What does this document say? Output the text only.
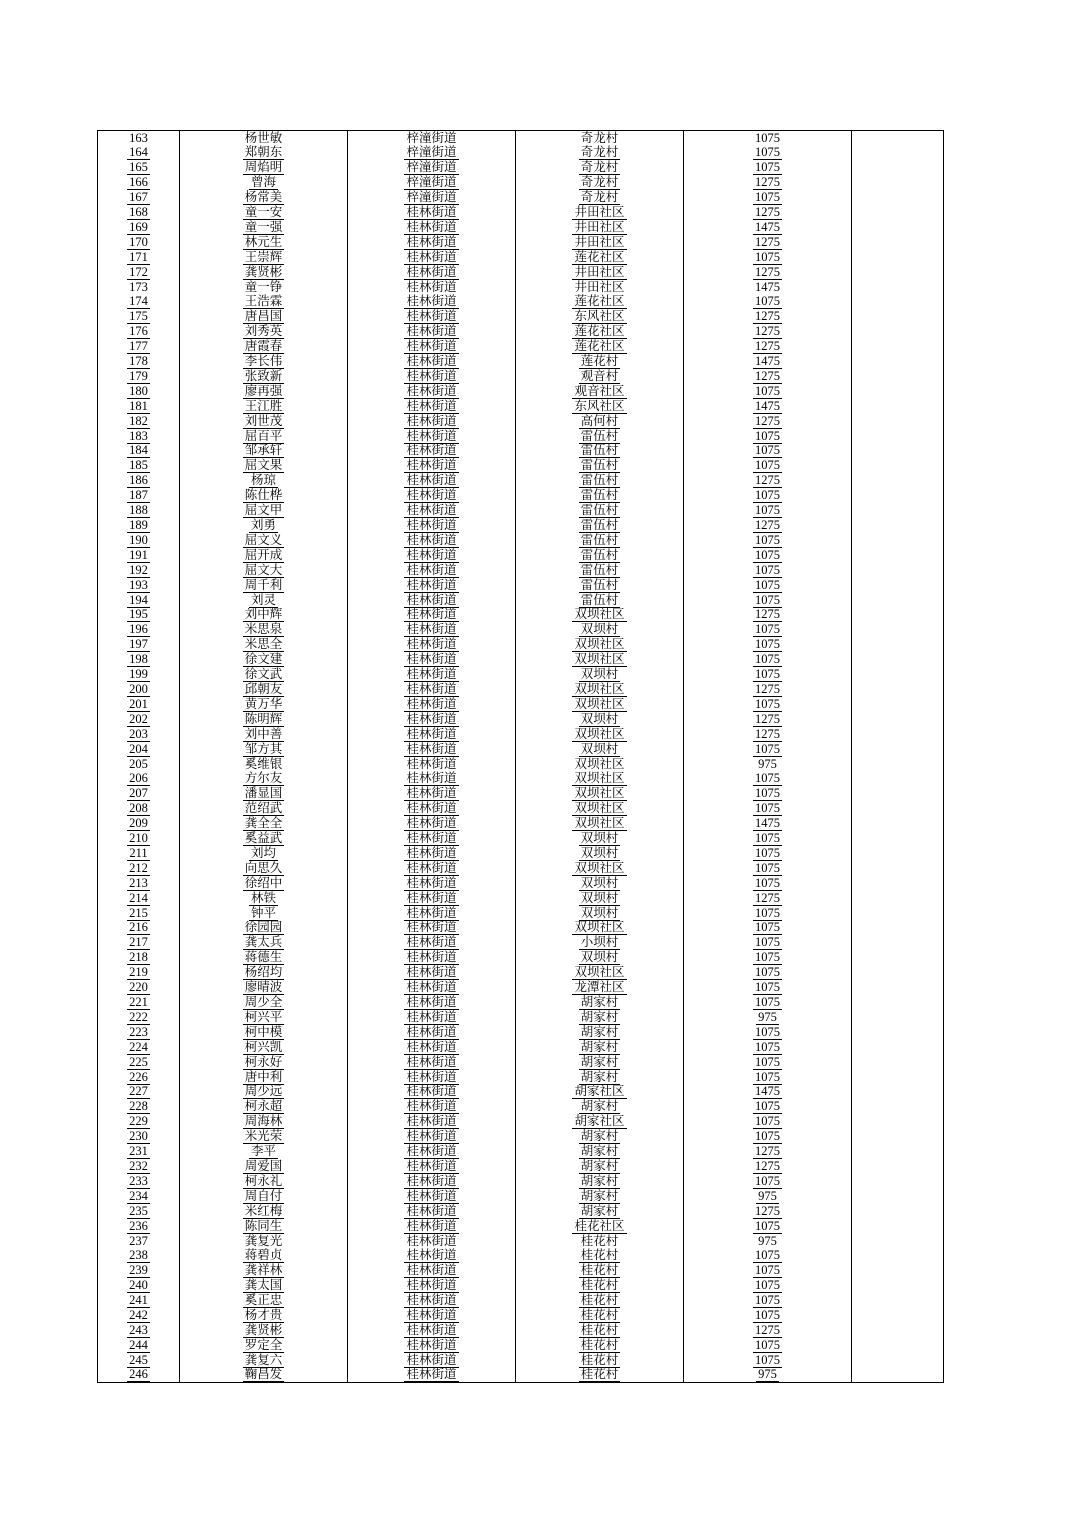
163	杨世敏	梓潼街道	奇龙村	1075	
164	郑朝东	梓潼街道	奇龙村	1075	
165	周焰明	梓潼街道	奇龙村	1075	
166	曾海	梓潼街道	奇龙村	1275	
167	杨常美	梓潼街道	奇龙村	1075	
168	童一安	桂林街道	井田社区	1275	
169	童一强	桂林街道	井田社区	1475	
170	林元生	桂林街道	井田社区	1275	
171	王崇辉	桂林街道	莲花社区	1075	
172	龚贤彬	桂林街道	井田社区	1275	
173	童一铮	桂林街道	井田社区	1475	
174	王浩霖	桂林街道	莲花社区	1075	
175	唐昌国	桂林街道	东风社区	1275	
176	刘秀英	桂林街道	莲花社区	1275	
177	唐霞春	桂林街道	莲花社区	1275	
178	李长伟	桂林街道	莲花村	1475	
179	张致新	桂林街道	观音村	1275	
180	廖再强	桂林街道	观音社区	1075	
181	王江胜	桂林街道	东风社区	1475	
182	刘世茂	桂林街道	高何村	1275	
183	屈百平	桂林街道	雷伍村	1075	
184	邹承轩	桂林街道	雷伍村	1075	
185	屈文果	桂林街道	雷伍村	1075	
186	杨琼	桂林街道	雷伍村	1275	
187	陈仕桦	桂林街道	雷伍村	1075	
188	屈文甲	桂林街道	雷伍村	1075	
189	刘勇	桂林街道	雷伍村	1275	
190	屈文义	桂林街道	雷伍村	1075	
191	屈开成	桂林街道	雷伍村	1075	
192	屈文大	桂林街道	雷伍村	1075	
193	周千利	桂林街道	雷伍村	1075	
194	刘灵	桂林街道	雷伍村	1075	
195	刘中辉	桂林街道	双坝社区	1275	
196	米思泉	桂林街道	双坝村	1075	
197	米思全	桂林街道	双坝社区	1075	
198	徐文建	桂林街道	双坝社区	1075	
199	徐文武	桂林街道	双坝村	1075	
200	邱朝友	桂林街道	双坝社区	1275	
201	黄万华	桂林街道	双坝社区	1075	
202	陈明辉	桂林街道	双坝村	1275	
203	刘中善	桂林街道	双坝社区	1275	
204	邹方其	桂林街道	双坝村	1075	
205	奚维银	桂林街道	双坝社区	975	
206	方尔友	桂林街道	双坝社区	1075	
207	潘显国	桂林街道	双坝社区	1075	
208	范绍武	桂林街道	双坝社区	1075	
209	龚全全	桂林街道	双坝社区	1475	
210	奚益武	桂林街道	双坝村	1075	
211	刘均	桂林街道	双坝村	1075	
212	向思久	桂林街道	双坝社区	1075	
213	徐绍中	桂林街道	双坝村	1075	
214	林铁	桂林街道	双坝村	1275	
215	钟平	桂林街道	双坝村	1075	
216	徐园园	桂林街道	双坝社区	1075	
217	龚太兵	桂林街道	小坝村	1075	
218	蒋德生	桂林街道	双坝村	1075	
219	杨绍均	桂林街道	双坝社区	1075	
220	廖晴波	桂林街道	龙潭社区	1075	
221	周少全	桂林街道	胡家村	1075	
222	柯兴平	桂林街道	胡家村	975	
223	柯中模	桂林街道	胡家村	1075	
224	柯兴凯	桂林街道	胡家村	1075	
225	柯永好	桂林街道	胡家村	1075	
226	唐中利	桂林街道	胡家村	1075	
227	周少远	桂林街道	胡家社区	1475	
228	柯永超	桂林街道	胡家村	1075	
229	周海林	桂林街道	胡家社区	1075	
230	米光荣	桂林街道	胡家村	1075	
231	李平	桂林街道	胡家村	1275	
232	周爱国	桂林街道	胡家村	1275	
233	柯永礼	桂林街道	胡家村	1075	
234	周自付	桂林街道	胡家村	975	
235	米红梅	桂林街道	胡家村	1275	
236	陈同生	桂林街道	桂花社区	1075	
237	龚复光	桂林街道	桂花村	975	
238	蒋碧贞	桂林街道	桂花村	1075	
239	龚祥林	桂林街道	桂花村	1075	
240	龚太国	桂林街道	桂花村	1075	
241	奚正忠	桂林街道	桂花村	1075	
242	杨才贵	桂林街道	桂花村	1075	
243	龚贤彬	桂林街道	桂花村	1275	
244	罗定全	桂林街道	桂花村	1075	
245	龚复六	桂林街道	桂花村	1075	
246	鞠昌发	桂林街道	桂花村	975	
